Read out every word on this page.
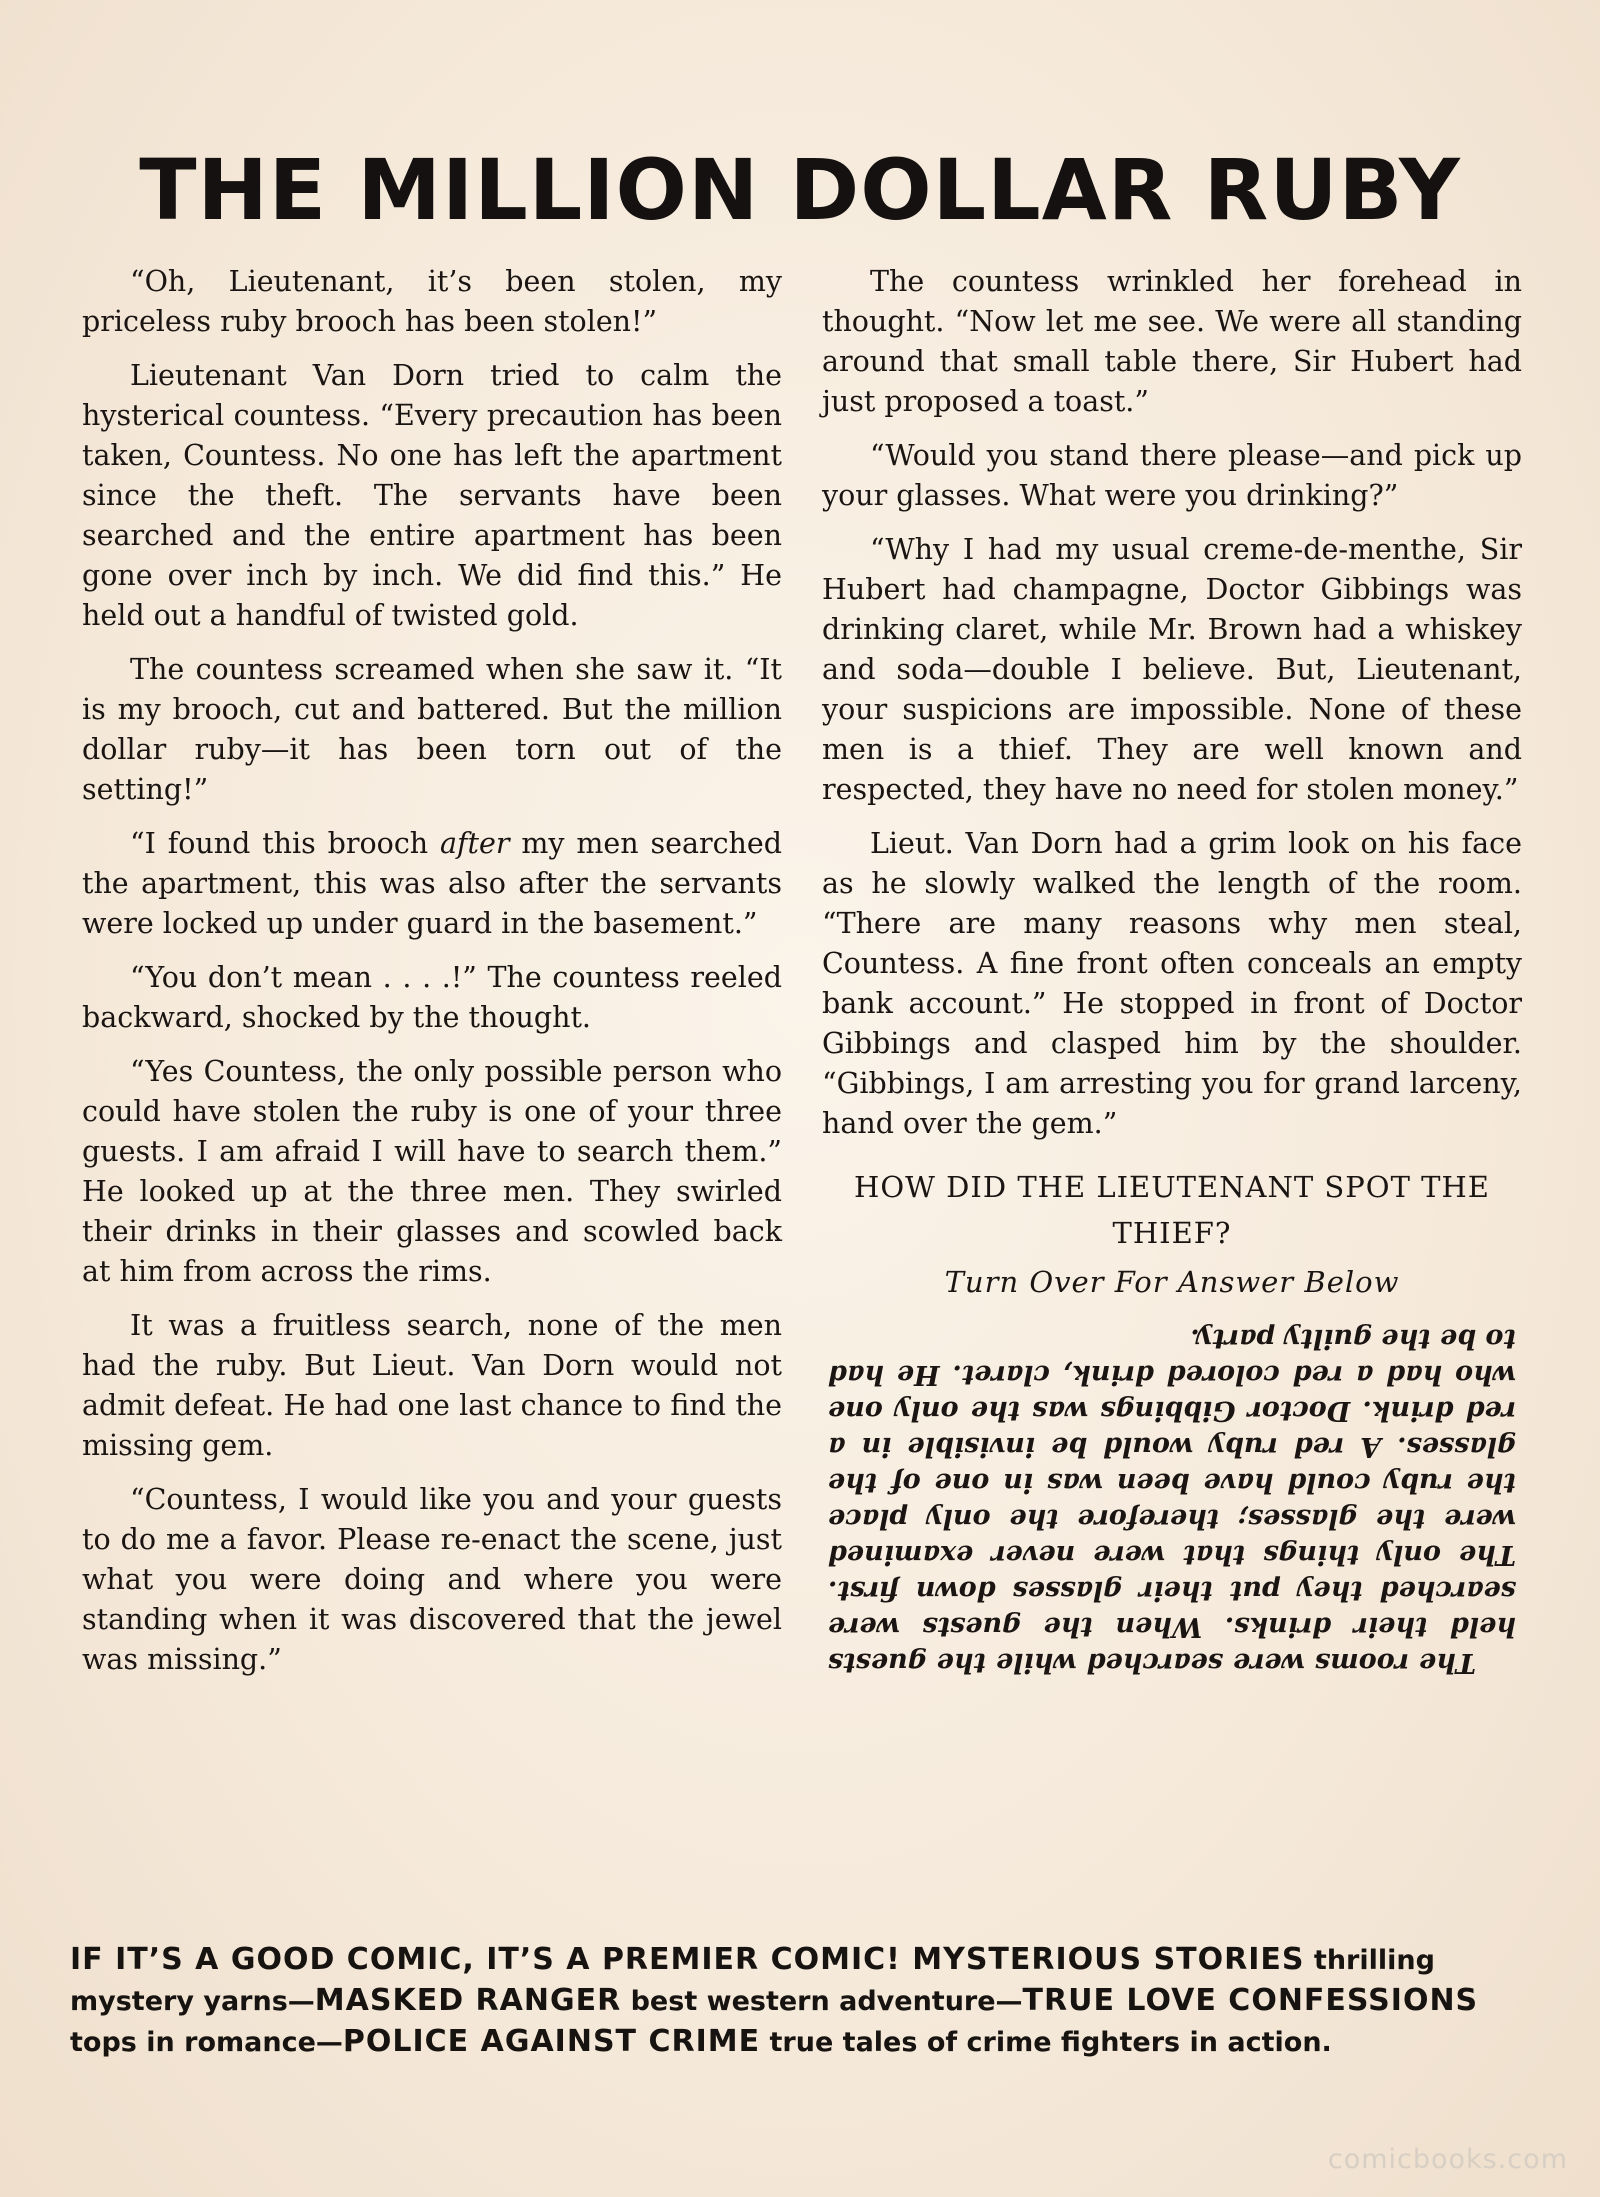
THE MILLION DOLLAR RUBY

“Oh, Lieutenant, it’s been stolen, my priceless ruby brooch has been stolen!”

Lieutenant Van Dorn tried to calm the hysterical countess. “Every precaution has been taken, Countess. No one has left the apartment since the theft. The servants have been searched and the entire apartment has been gone over inch by inch. We did find this.” He held out a handful of twisted gold.

The countess screamed when she saw it. “It is my brooch, cut and battered. But the million dollar ruby—it has been torn out of the setting!”

“I found this brooch after my men searched the apartment, this was also after the servants were locked up under guard in the basement.”

“You don’t mean . . . .!” The countess reeled backward, shocked by the thought.

“Yes Countess, the only possible person who could have stolen the ruby is one of your three guests. I am afraid I will have to search them.” He looked up at the three men. They swirled their drinks in their glasses and scowled back at him from across the rims.

It was a fruitless search, none of the men had the ruby. But Lieut. Van Dorn would not admit defeat. He had one last chance to find the missing gem.

“Countess, I would like you and your guests to do me a favor. Please re-enact the scene, just what you were doing and where you were standing when it was discovered that the jewel was missing.”

The countess wrinkled her forehead in thought. “Now let me see. We were all standing around that small table there, Sir Hubert had just proposed a toast.”

“Would you stand there please—and pick up your glasses. What were you drinking?”

“Why I had my usual creme-de-menthe, Sir Hubert had champagne, Doctor Gibbings was drinking claret, while Mr. Brown had a whiskey and soda—double I believe. But, Lieutenant, your suspicions are impossible. None of these men is a thief. They are well known and respected, they have no need for stolen money.”

Lieut. Van Dorn had a grim look on his face as he slowly walked the length of the room. “There are many reasons why men steal, Countess. A fine front often conceals an empty bank account.” He stopped in front of Doctor Gibbings and clasped him by the shoulder. “Gibbings, I am arresting you for grand larceny, hand over the gem.”

HOW DID THE LIEUTENANT SPOT THE THIEF?
Turn Over For Answer Below

The rooms were searched while the guests held their drinks. When the guests were searched they put their glasses down first. The only things that were never examined were the glasses; therefore the only place the ruby could have been was in one of the glasses. A red ruby would be invisible in a red drink. Doctor Gibbings was the only one who had a red colored drink, claret. He had to be the guilty party.

IF IT’S A GOOD COMIC, IT’S A PREMIER COMIC! MYSTERIOUS STORIES thrilling mystery yarns—MASKED RANGER best western adventure—TRUE LOVE CONFESSIONS tops in romance—POLICE AGAINST CRIME true tales of crime fighters in action.
comicbooks.com
